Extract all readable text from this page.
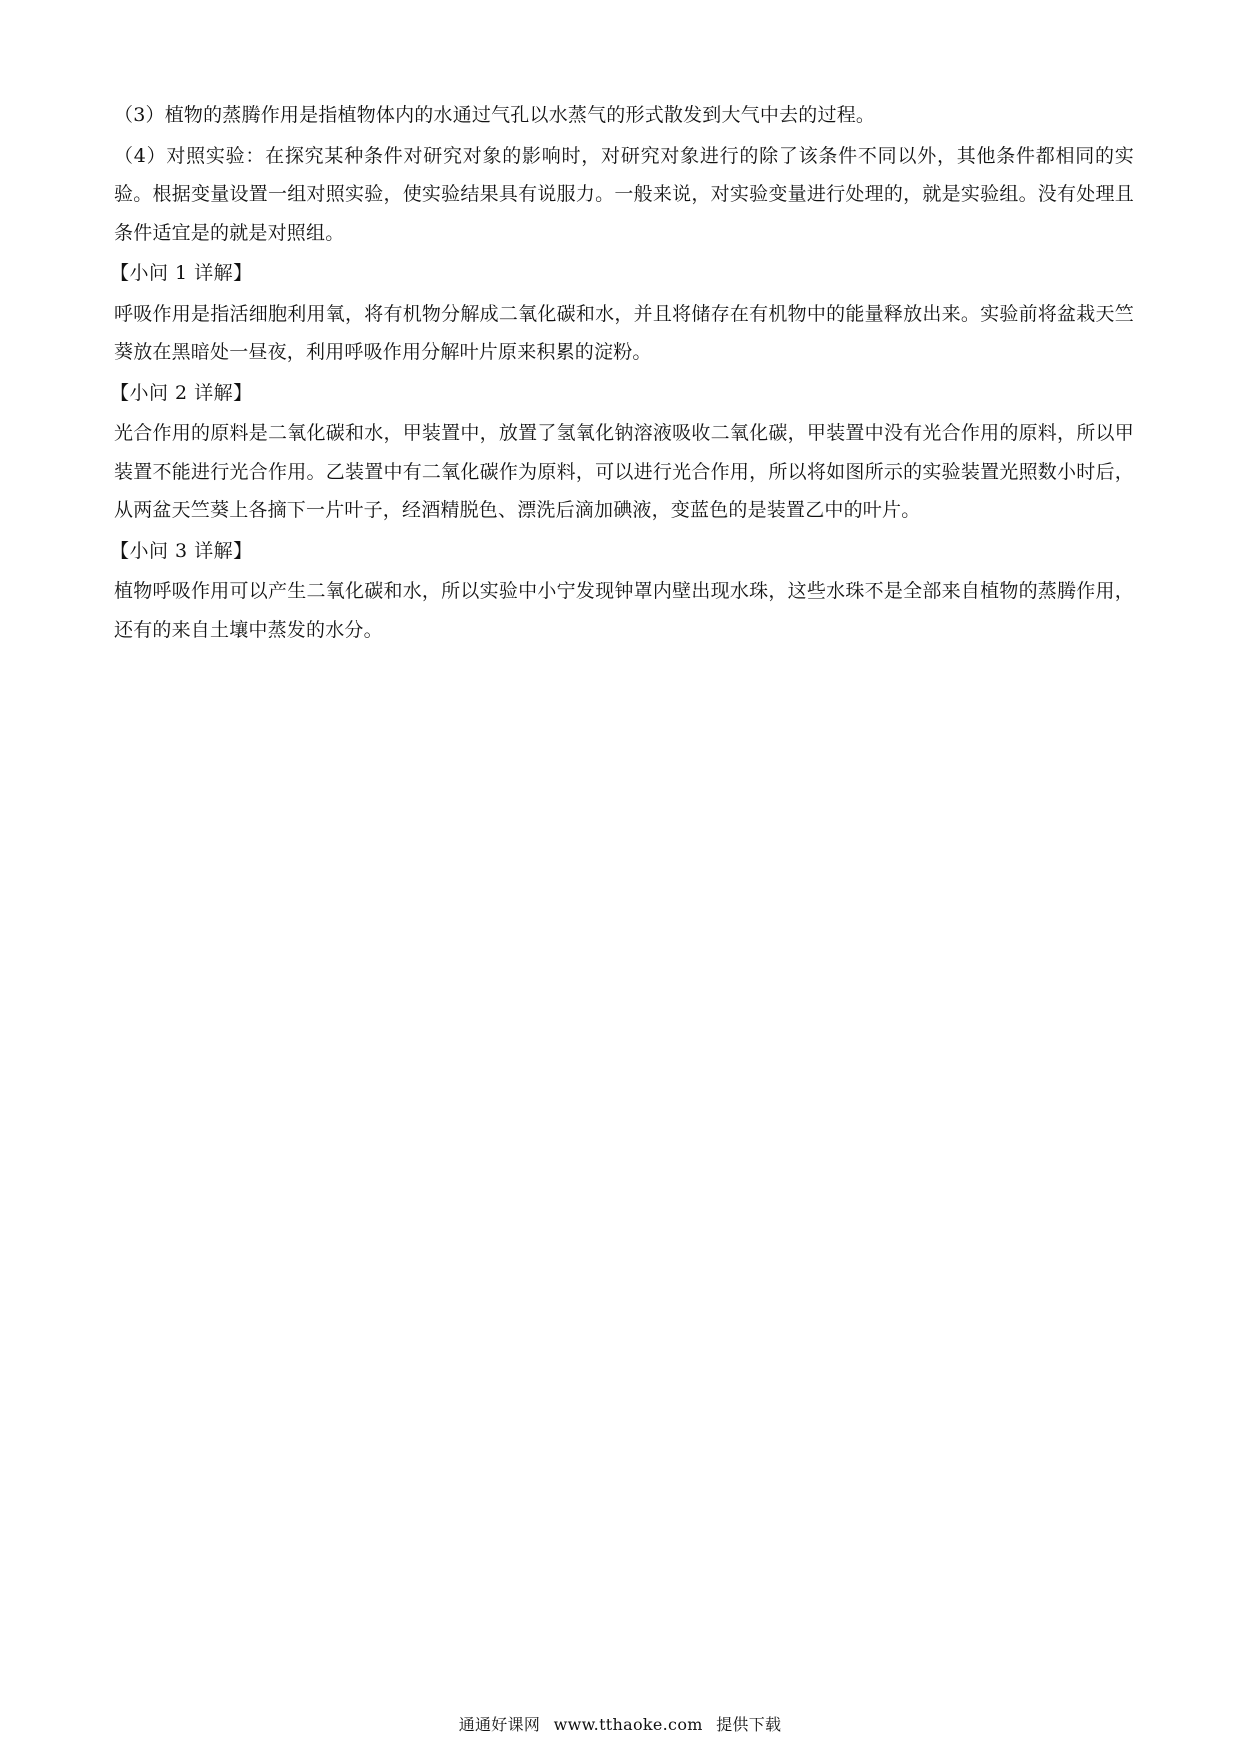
（3）植物的蒸腾作用是指植物体内的水通过气孔以水蒸气的形式散发到大气中去的过程。

（4）对照实验：在探究某种条件对研究对象的影响时，对研究对象进行的除了该条件不同以外，其他条件都相同的实验。根据变量设置一组对照实验，使实验结果具有说服力。一般来说，对实验变量进行处理的，就是实验组。没有处理且条件适宜是的就是对照组。

【小问 1 详解】

呼吸作用是指活细胞利用氧，将有机物分解成二氧化碳和水，并且将储存在有机物中的能量释放出来。实验前将盆栽天竺葵放在黑暗处一昼夜，利用呼吸作用分解叶片原来积累的淀粉。

【小问 2 详解】

光合作用的原料是二氧化碳和水，甲装置中，放置了氢氧化钠溶液吸收二氧化碳，甲装置中没有光合作用的原料，所以甲装置不能进行光合作用。乙装置中有二氧化碳作为原料，可以进行光合作用，所以将如图所示的实验装置光照数小时后，从两盆天竺葵上各摘下一片叶子，经酒精脱色、漂洗后滴加碘液，变蓝色的是装置乙中的叶片。

【小问 3 详解】

植物呼吸作用可以产生二氧化碳和水，所以实验中小宁发现钟罩内壁出现水珠，这些水珠不是全部来自植物的蒸腾作用，还有的来自土壤中蒸发的水分。

通通好课网 www.tthaoke.com 提供下载
